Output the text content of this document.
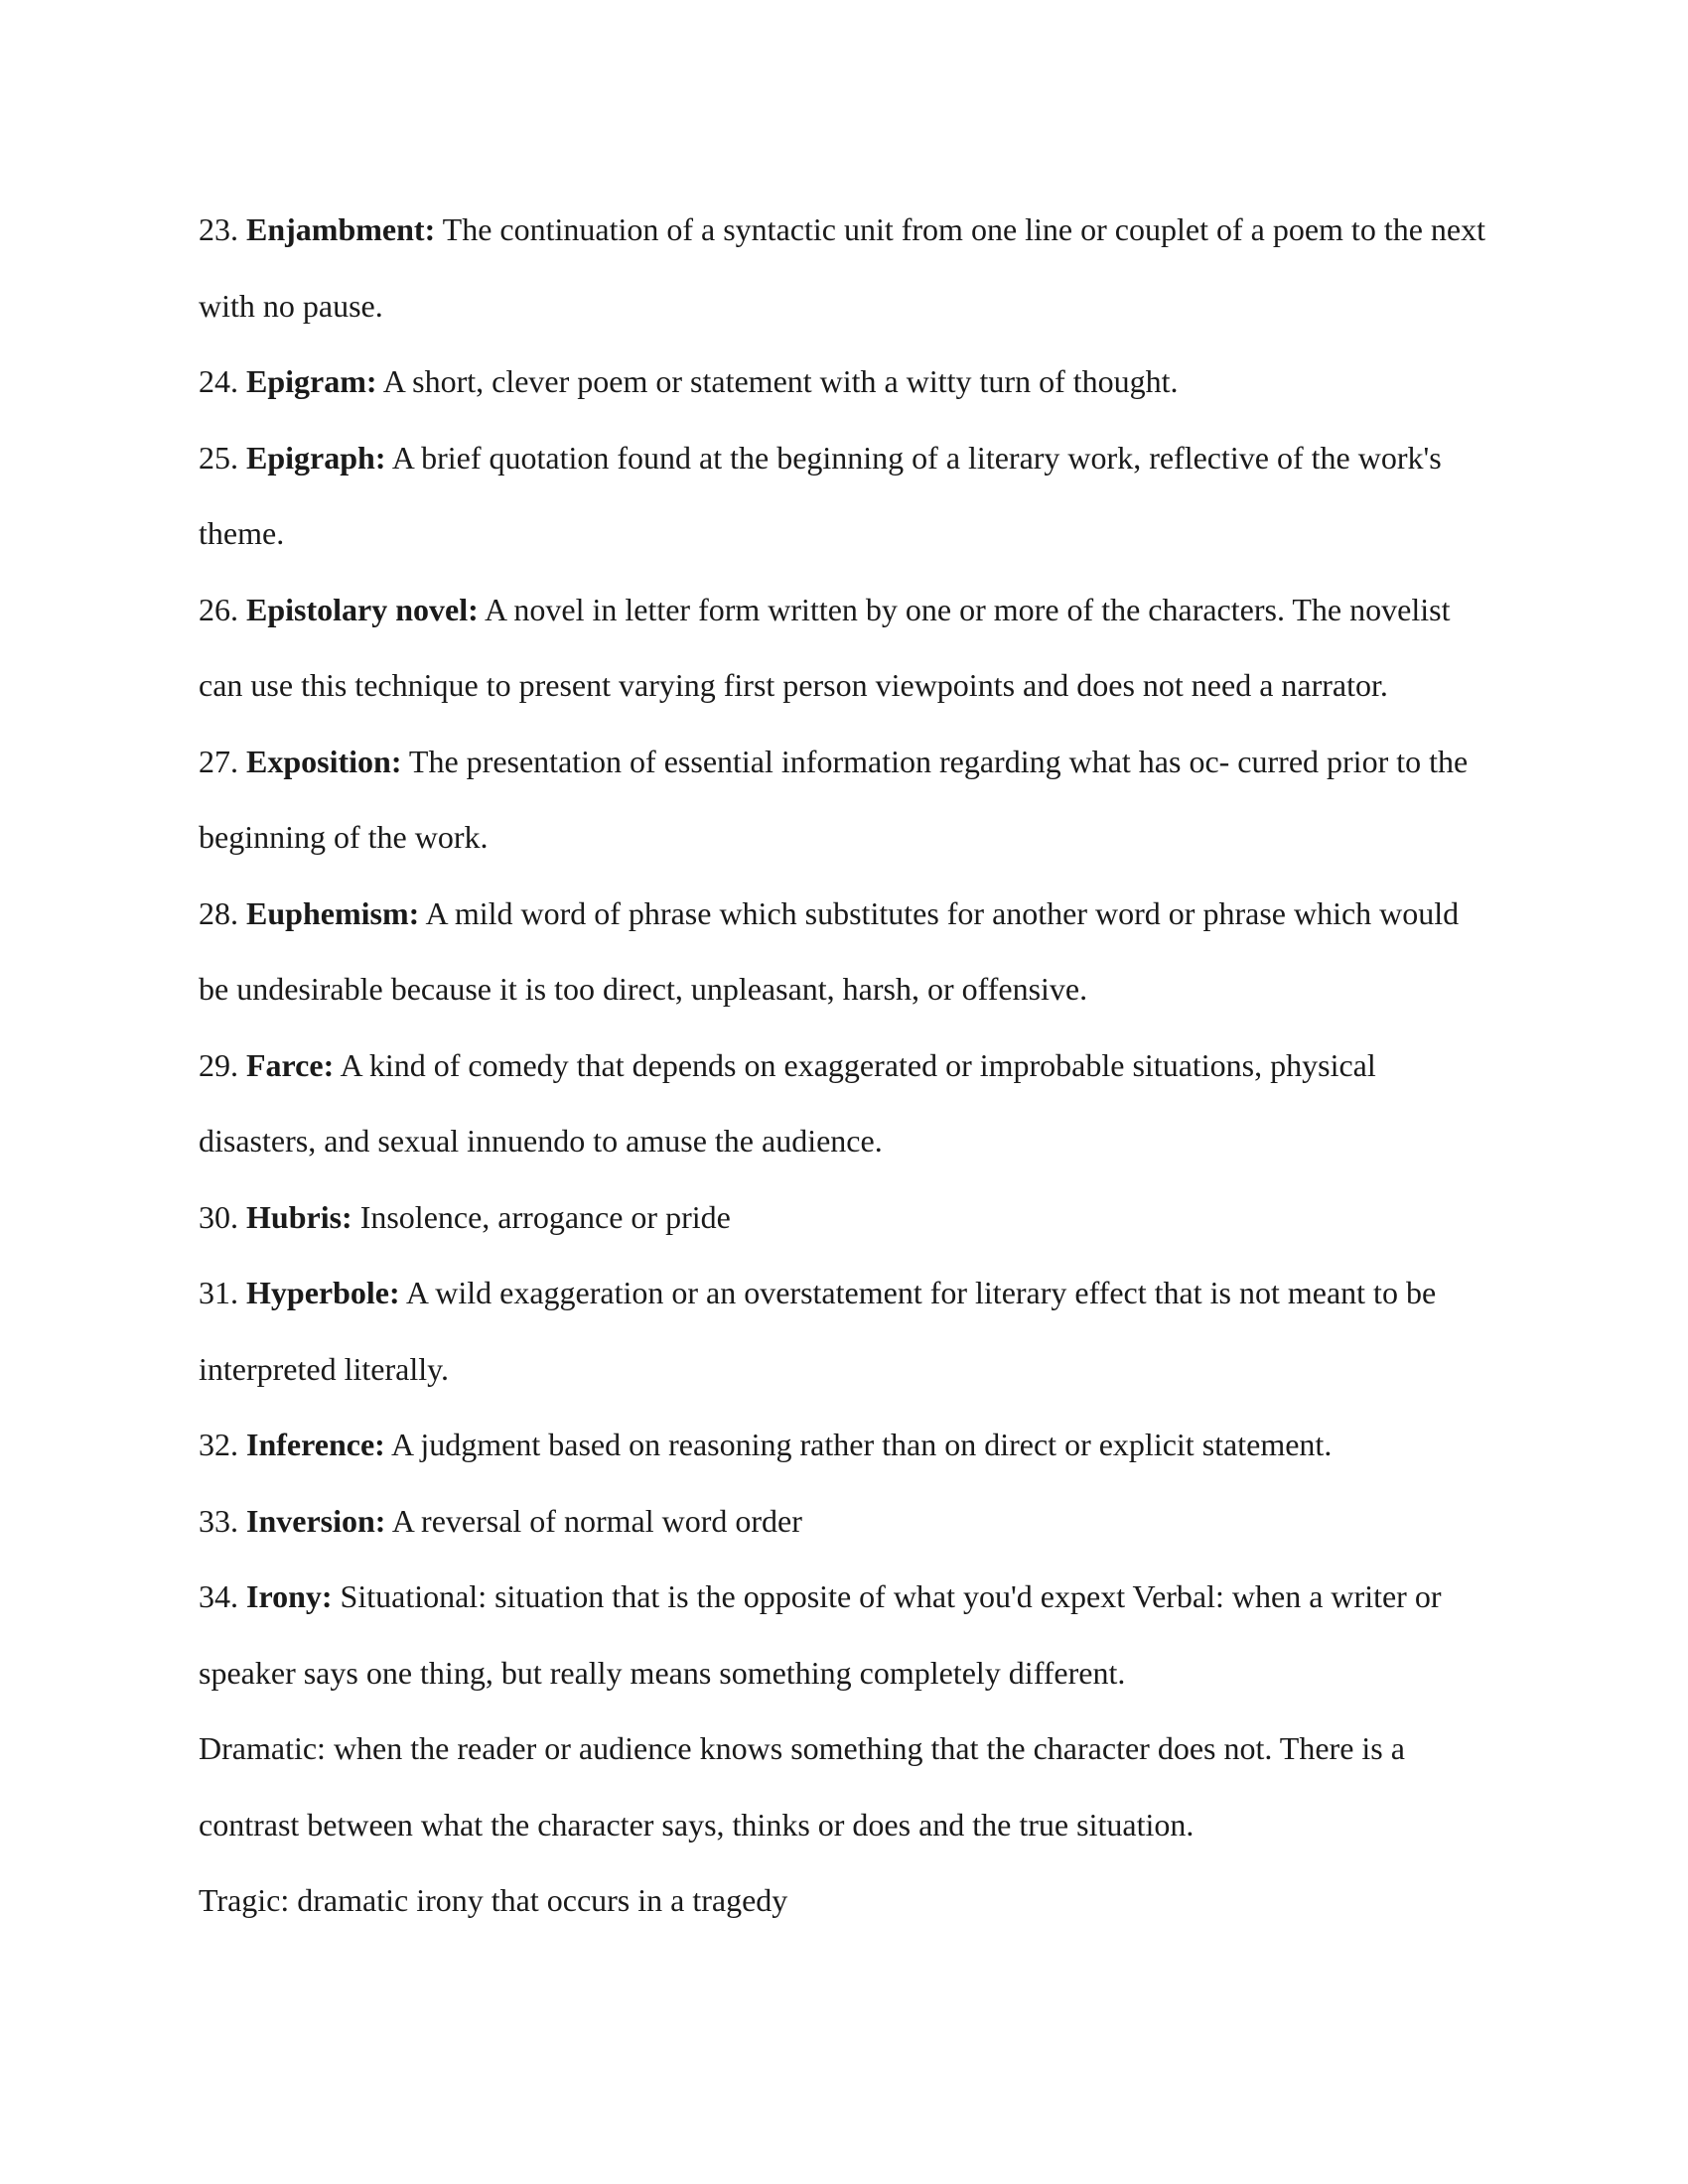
23. Enjambment: The continuation of a syntactic unit from one line or couplet of a poem to the next with no pause.

24. Epigram: A short, clever poem or statement with a witty turn of thought.

25. Epigraph: A brief quotation found at the beginning of a literary work, reflective of the work's theme.

26. Epistolary novel: A novel in letter form written by one or more of the characters. The novelist can use this technique to present varying first person viewpoints and does not need a narrator.

27. Exposition: The presentation of essential information regarding what has oc- curred prior to the beginning of the work.

28. Euphemism: A mild word of phrase which substitutes for another word or phrase which would be undesirable because it is too direct, unpleasant, harsh, or offensive.

29. Farce: A kind of comedy that depends on exaggerated or improbable situations, physical disasters, and sexual innuendo to amuse the audience.

30. Hubris: Insolence, arrogance or pride

31. Hyperbole: A wild exaggeration or an overstatement for literary effect that is not meant to be interpreted literally.

32. Inference: A judgment based on reasoning rather than on direct or explicit statement.

33. Inversion: A reversal of normal word order

34. Irony: Situational: situation that is the opposite of what you'd expext Verbal: when a writer or speaker says one thing, but really means something completely different.

Dramatic: when the reader or audience knows something that the character does not. There is a contrast between what the character says, thinks or does and the true situation.

Tragic: dramatic irony that occurs in a tragedy
